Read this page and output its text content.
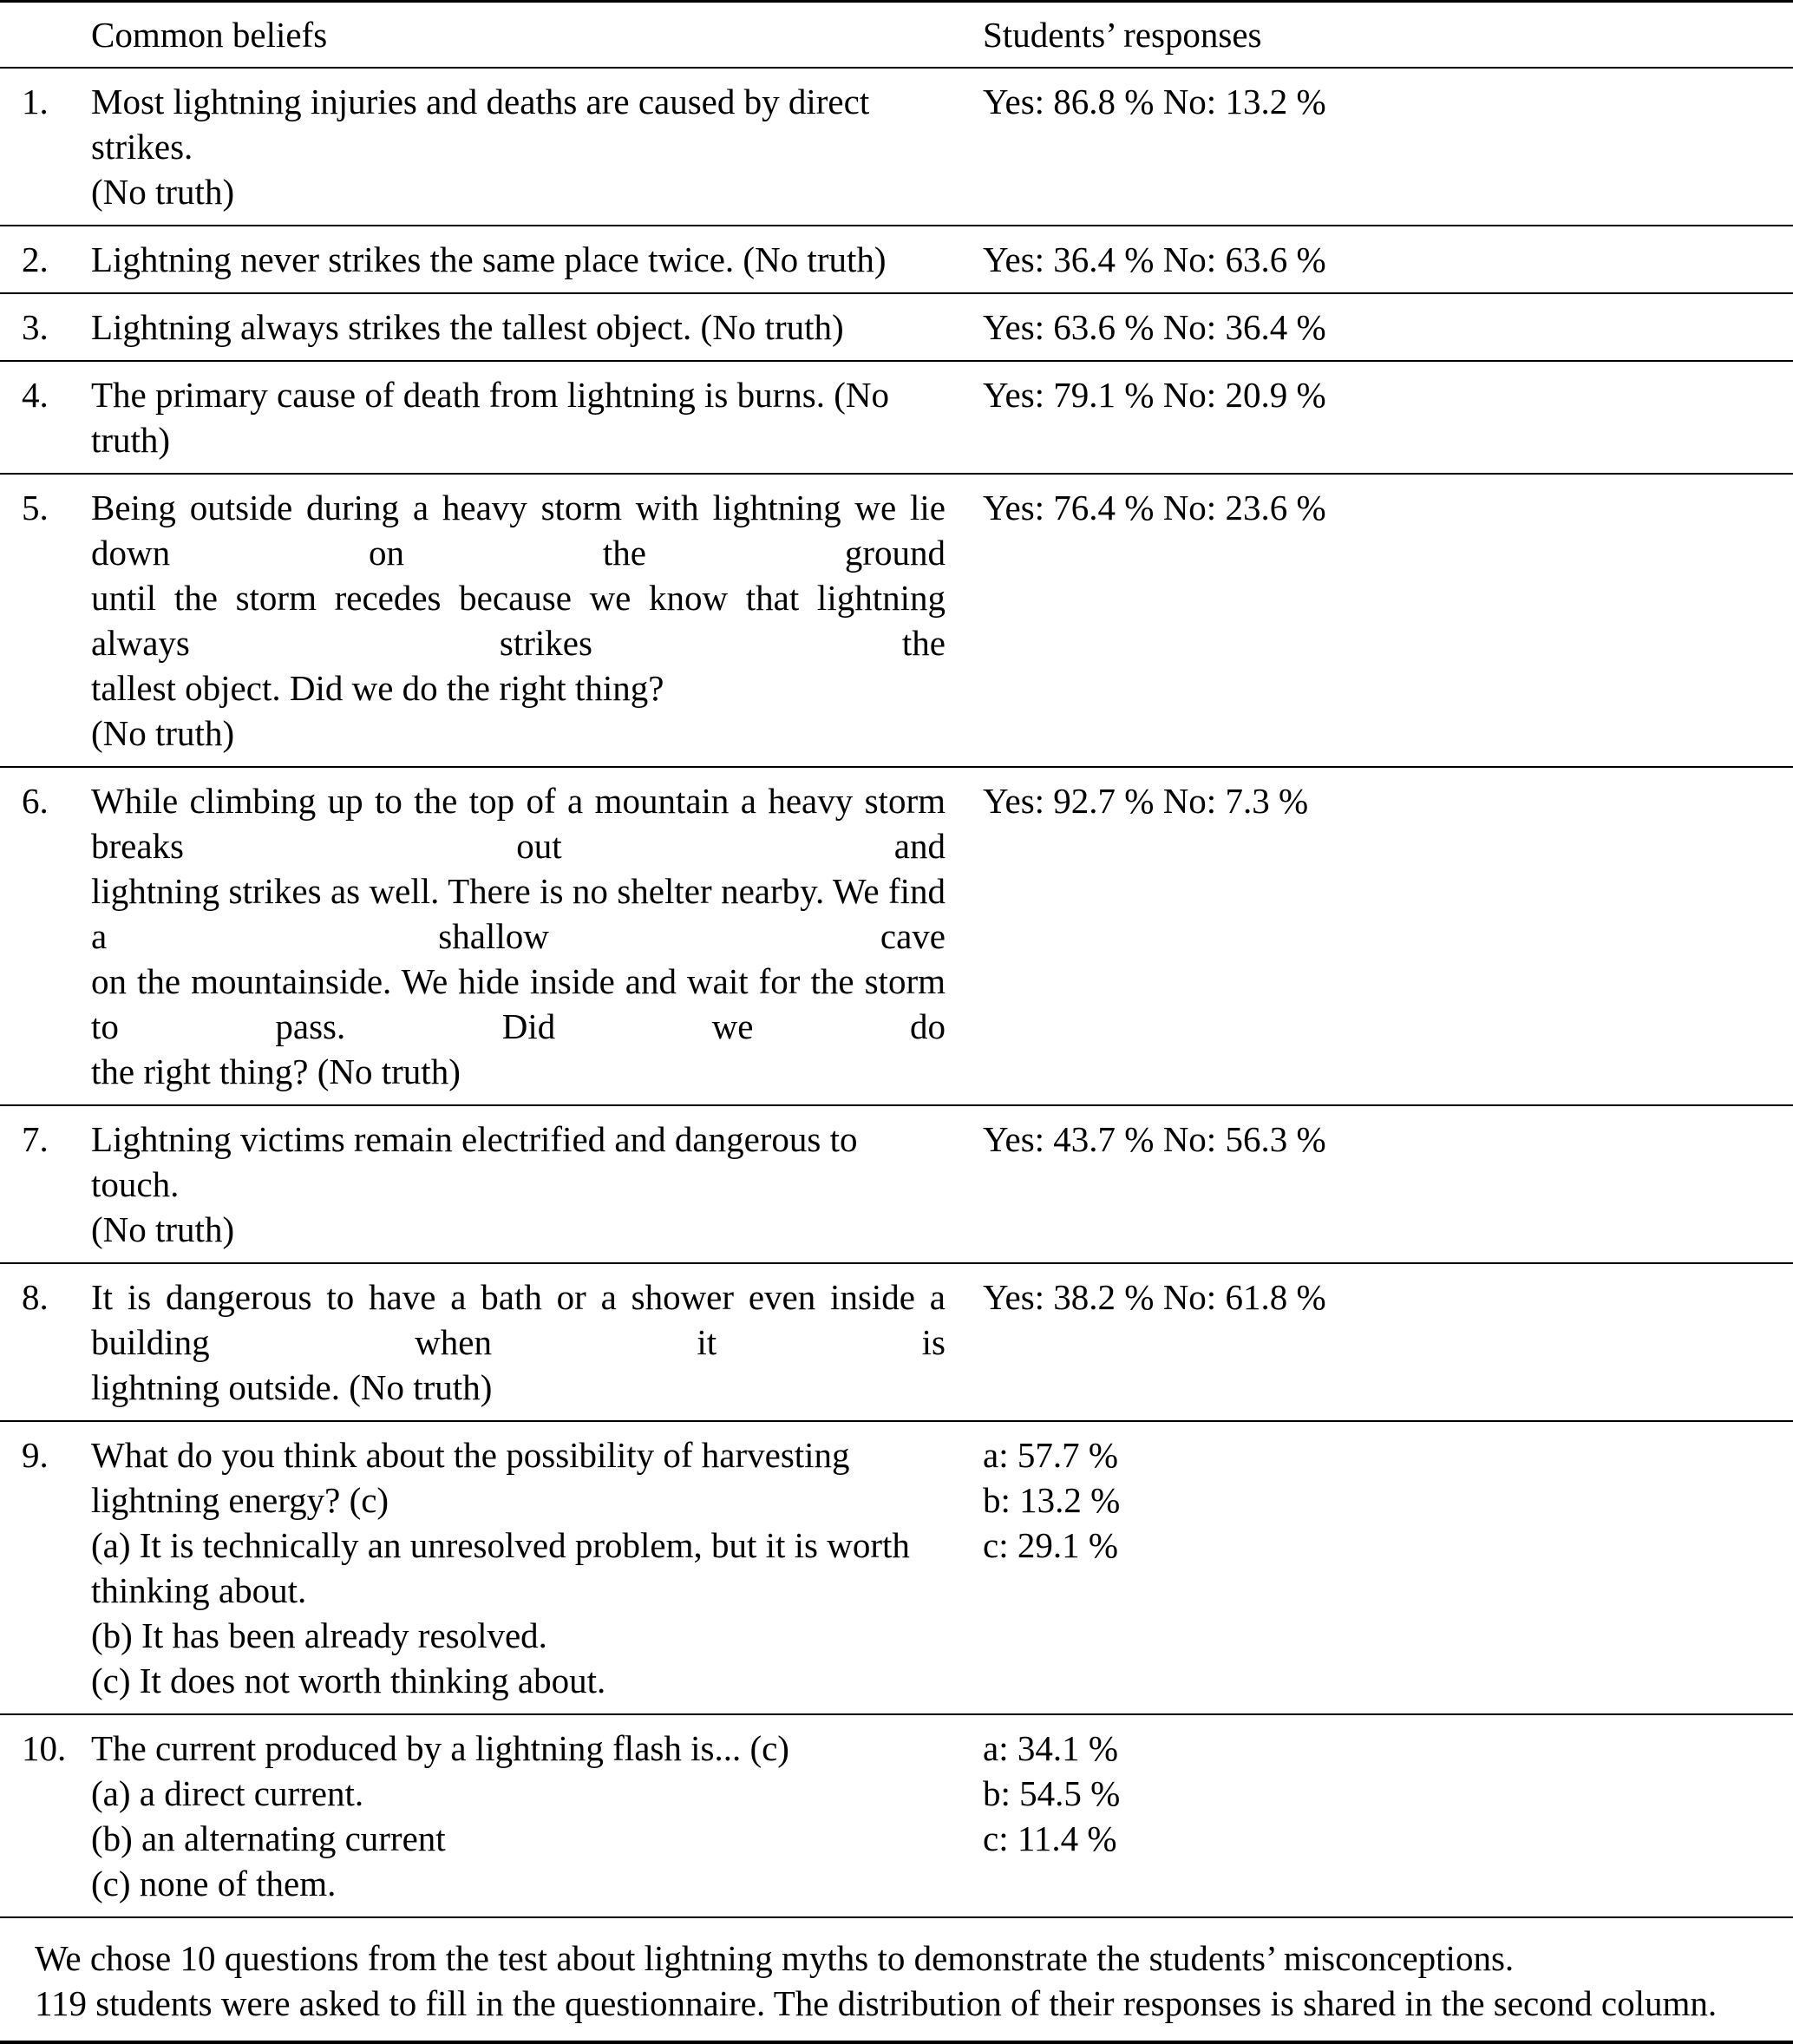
Common beliefs	Students’ responses
1.	Most lightning injuries and deaths are caused by direct strikes.
(No truth)
Yes: 86.8 % No: 13.2 %
2.	Lightning never strikes the same place twice. (No truth)	Yes: 36.4 % No: 63.6 %
3.	Lightning always strikes the tallest object. (No truth)	Yes: 63.6 % No: 36.4 %
4.	The primary cause of death from lightning is burns. (No truth)
Yes: 79.1 % No: 20.9 %
5.	Being outside during a heavy storm with lightning we lie down on the ground
until the storm recedes because we know that lightning always strikes the
tallest object. Did we do the right thing?
(No truth)
Yes: 76.4 % No: 23.6 %
6.	While climbing up to the top of a mountain a heavy storm breaks out and
lightning strikes as well. There is no shelter nearby. We find a shallow cave
on the mountainside. We hide inside and wait for the storm to pass. Did we do
the right thing? (No truth)
Yes: 92.7 % No: 7.3 %
7.	Lightning victims remain electrified and dangerous to touch.
(No truth)
Yes: 43.7 % No: 56.3 %
8.	It is dangerous to have a bath or a shower even inside a building when it is
lightning outside. (No truth)
Yes: 38.2 % No: 61.8 %
9.	What do you think about the possibility of harvesting lightning energy? (c)
(a) It is technically an unresolved problem, but it is worth thinking about.
(b) It has been already resolved.
(c) It does not worth thinking about.
a: 57.7 %
b: 13.2 %
c: 29.1 %
10. The current produced by a lightning flash is... (c)
(a) a direct current.
(b) an alternating current
(c) none of them.
a: 34.1 %
b: 54.5 %
c: 11.4 %
We chose 10 questions from the test about lightning myths to demonstrate the students’ misconceptions.
119 students were asked to fill in the questionnaire. The distribution of their responses is shared in the second column.
